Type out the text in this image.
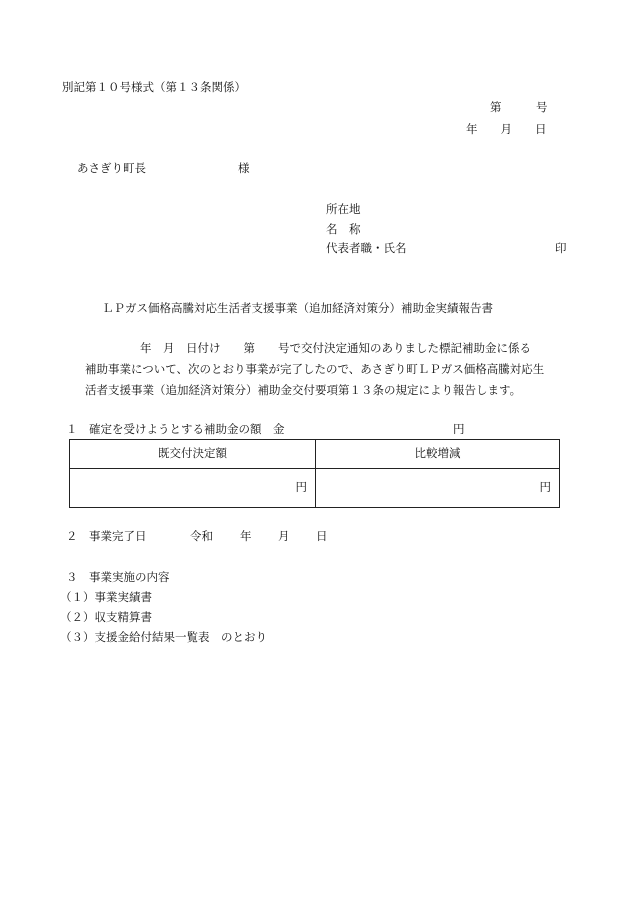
別記第１０号様式（第１３条関係）
第　　　号
年　　月　　日
あさぎり町長	様
所在地
名　称
代表者職・氏名	印
ＬＰガス価格高騰対応生活者支援事業（追加経済対策分）補助金実績報告書
年　月　日付け　　第　　号で交付決定通知のありました標記補助金に係る
補助事業について、次のとおり事業が完了したので、あさぎり町ＬＰガス価格高騰対応生
活者支援事業（追加経済対策分）補助金交付要項第１３条の規定により報告します。
１　確定を受けようとする補助金の額　金	円
既交付決定額	比較増減
円	円
２　事業完了日	令和 年 月 日
３　事業実施の内容
（１）事業実績書
（２）収支精算書
（３）支援金給付結果一覧表　のとおり
